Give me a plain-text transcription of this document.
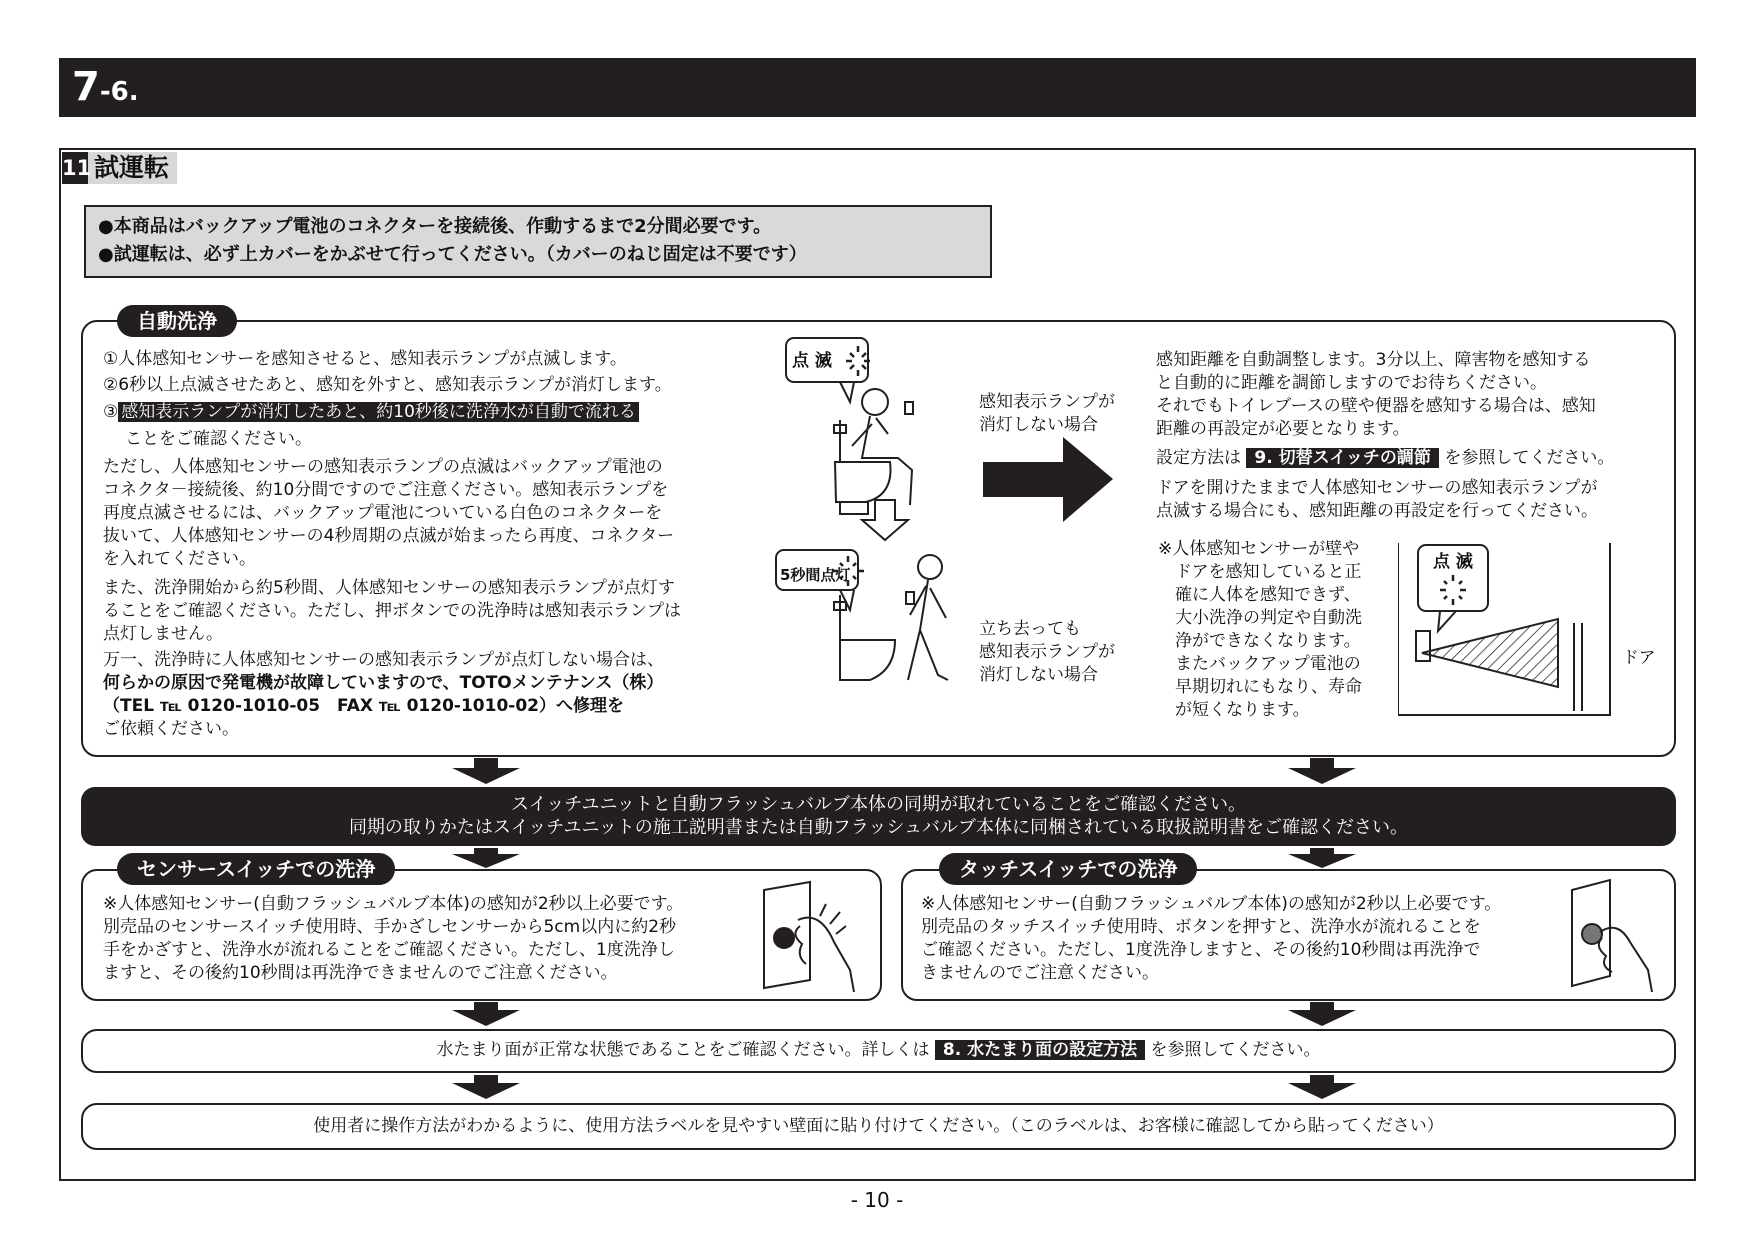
7-6.
11 試運転
●本商品はバックアップ電池のコネクターを接続後、作動するまで2分間必要です。
●試運転は、必ず上カバーをかぶせて行ってください。（カバーのねじ固定は不要です）
自動洗浄
①人体感知センサーを感知させると、感知表示ランプが点滅します。
②6秒以上点滅させたあと、感知を外すと、感知表示ランプが消灯します。
③ 感知表示ランプが消灯したあと、約10秒後に洗浄水が自動で流れる
ことをご確認ください。
ただし、人体感知センサーの感知表示ランプの点滅はバックアップ電池の
コネクタ－接続後、約10分間ですのでご注意ください。感知表示ランプを
再度点滅させるには、バックアップ電池についている白色のコネクターを
抜いて、人体感知センサーの4秒周期の点滅が始まったら再度、コネクター
を入れてください。
また、洗浄開始から約5秒間、人体感知センサーの感知表示ランプが点灯す
ることをご確認ください。ただし、押ボタンでの洗浄時は感知表示ランプは
点灯しません。
万一、洗浄時に人体感知センサーの感知表示ランプが点灯しない場合は、
何らかの原因で発電機が故障していますので、TOTOメンテナンス（株）
（TEL ℡ 0120-1010-05　FAX ℡ 0120-1010-02）へ修理を
ご依頼ください。
点 滅
5秒間点灯
感知表示ランプが
消灯しない場合
立ち去っても
感知表示ランプが
消灯しない場合
感知距離を自動調整します。3分以上、障害物を感知する
と自動的に距離を調節しますのでお待ちください。
それでもトイレブースの壁や便器を感知する場合は、感知
距離の再設定が必要となります。
設定方法は 9. 切替スイッチの調節 を参照してください。
ドアを開けたままで人体感知センサーの感知表示ランプが
点滅する場合にも、感知距離の再設定を行ってください。
※人体感知センサーが壁や
ドアを感知していると正
確に人体を感知できず、
大小洗浄の判定や自動洗
浄ができなくなります。
またバックアップ電池の
早期切れにもなり、寿命
が短くなります。
点 滅
ドア
スイッチユニットと自動フラッシュバルブ本体の同期が取れていることをご確認ください。
同期の取りかたはスイッチユニットの施工説明書または自動フラッシュバルブ本体に同梱されている取扱説明書をご確認ください。
センサースイッチでの洗浄
※人体感知センサー(自動フラッシュバルブ本体)の感知が2秒以上必要です。
別売品のセンサースイッチ使用時、手かざしセンサーから5cm以内に約2秒
手をかざすと、洗浄水が流れることをご確認ください。ただし、1度洗浄し
ますと、その後約10秒間は再洗浄できませんのでご注意ください。
タッチスイッチでの洗浄
※人体感知センサー(自動フラッシュバルブ本体)の感知が2秒以上必要です。
別売品のタッチスイッチ使用時、ボタンを押すと、洗浄水が流れることを
ご確認ください。ただし、1度洗浄しますと、その後約10秒間は再洗浄で
きませんのでご注意ください。
水たまり面が正常な状態であることをご確認ください。詳しくは 8. 水たまり面の設定方法 を参照してください。
使用者に操作方法がわかるように、使用方法ラベルを見やすい壁面に貼り付けてください。（このラベルは、お客様に確認してから貼ってください）
- 10 -
